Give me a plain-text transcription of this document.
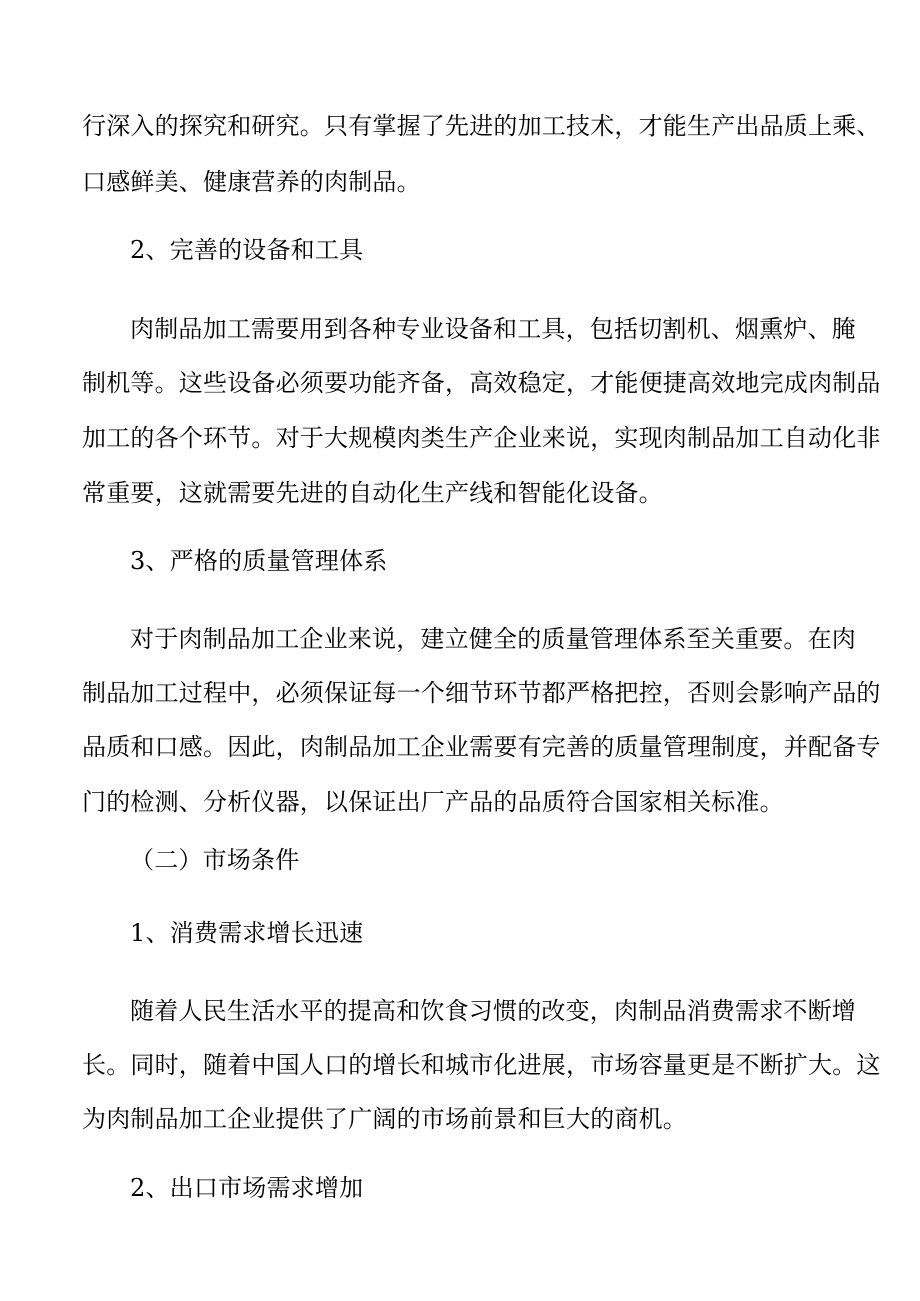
行深入的探究和研究。只有掌握了先进的加工技术，才能生产出品质上乘、
口感鲜美、健康营养的肉制品。
2、完善的设备和工具
肉制品加工需要用到各种专业设备和工具，包括切割机、烟熏炉、腌
制机等。这些设备必须要功能齐备，高效稳定，才能便捷高效地完成肉制品
加工的各个环节。对于大规模肉类生产企业来说，实现肉制品加工自动化非
常重要，这就需要先进的自动化生产线和智能化设备。
3、严格的质量管理体系
对于肉制品加工企业来说，建立健全的质量管理体系至关重要。在肉
制品加工过程中，必须保证每一个细节环节都严格把控，否则会影响产品的
品质和口感。因此，肉制品加工企业需要有完善的质量管理制度，并配备专
门的检测、分析仪器，以保证出厂产品的品质符合国家相关标准。
（二）市场条件
1、消费需求增长迅速
随着人民生活水平的提高和饮食习惯的改变，肉制品消费需求不断增
长。同时，随着中国人口的增长和城市化进展，市场容量更是不断扩大。这
为肉制品加工企业提供了广阔的市场前景和巨大的商机。
2、出口市场需求增加
